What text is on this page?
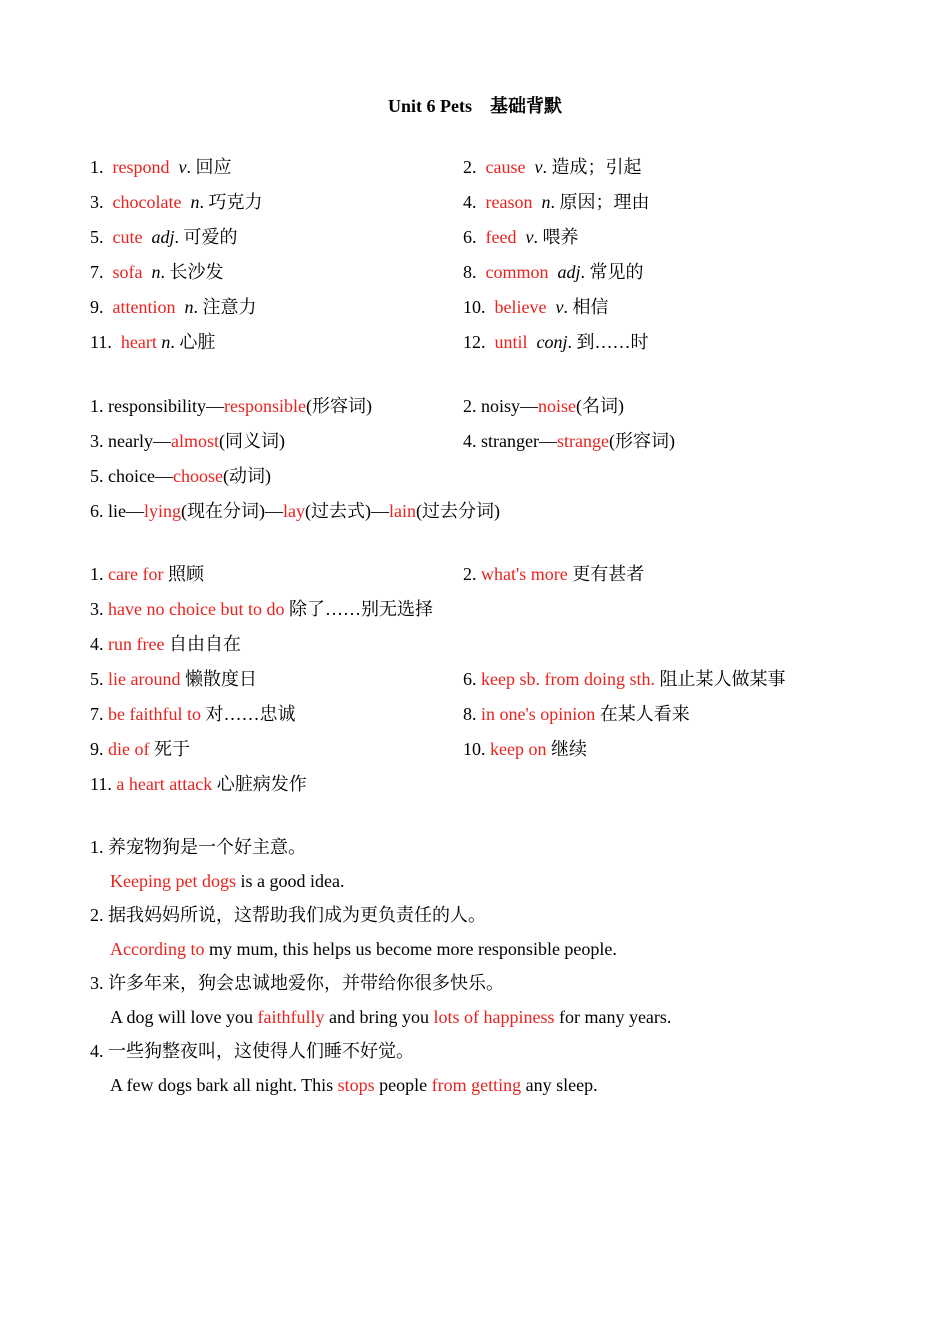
Unit 6 Pets　基础背默
1. respond v. 回应	2. cause v. 造成；引起
3. chocolate n. 巧克力	4. reason n. 原因；理由
5. cute adj. 可爱的	6. feed v. 喂养
7. sofa n. 长沙发	8. common adj. 常见的
9. attention n. 注意力	10. believe v. 相信
11. heart n. 心脏	12. until conj. 到……时
1. responsibility—responsible(形容词)	2. noisy—noise(名词)
3. nearly—almost(同义词)	4. stranger—strange(形容词)
5. choice—choose(动词)
6. lie—lying(现在分词)—lay(过去式)—lain(过去分词)
1. care for 照顾	2. what's more 更有甚者
3. have no choice but to do 除了……别无选择
4. run free 自由自在
5. lie around 懒散度日	6. keep sb. from doing sth. 阻止某人做某事
7. be faithful to 对……忠诚	8. in one's opinion 在某人看来
9. die of 死于	10. keep on 继续
11. a heart attack 心脏病发作
1. 养宠物狗是一个好主意。
Keeping pet dogs is a good idea.
2. 据我妈妈所说，这帮助我们成为更负责任的人。
According to my mum, this helps us become more responsible people.
3. 许多年来，狗会忠诚地爱你，并带给你很多快乐。
A dog will love you faithfully and bring you lots of happiness for many years.
4. 一些狗整夜叫，这使得人们睡不好觉。
A few dogs bark all night. This stops people from getting any sleep.
